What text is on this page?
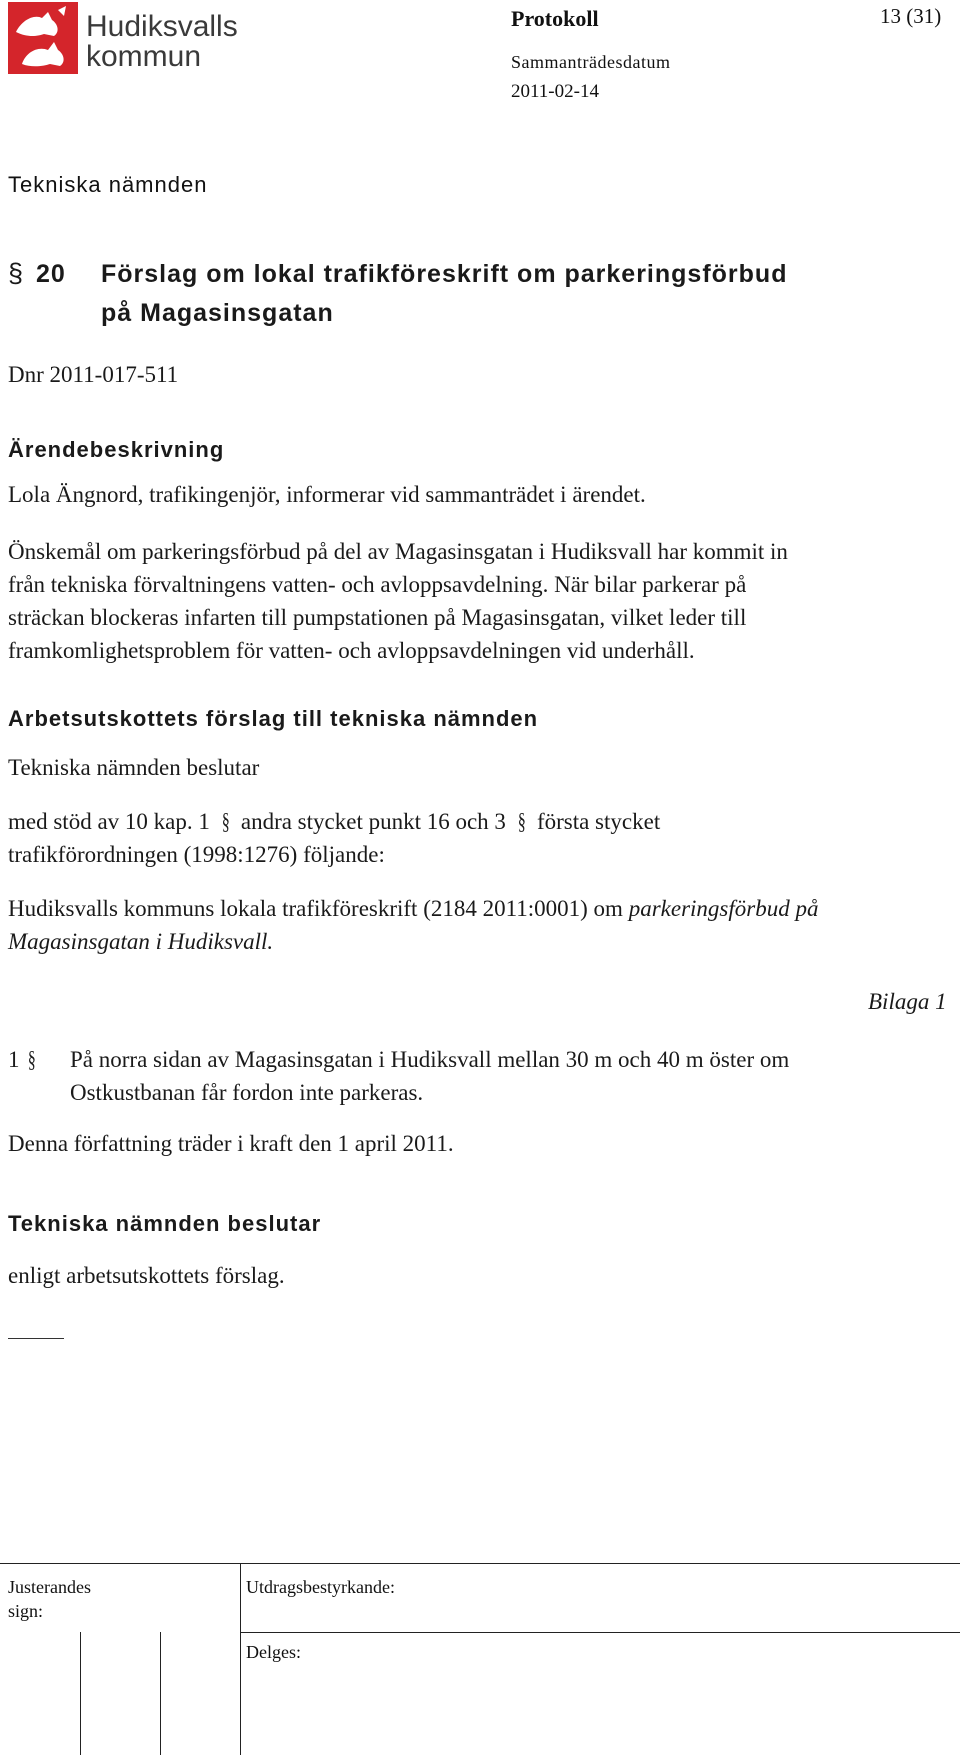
Hudiksvalls
kommun
Protokoll	13 (31)
Sammanträdesdatum
2011-02-14
Tekniska nämnden
§ 20 Förslag om lokal trafikföreskrift om parkeringsförbud
på Magasinsgatan
Dnr 2011-017-511
Ärendebeskrivning
Lola Ängnord, trafikingenjör, informerar vid sammanträdet i ärendet.
Önskemål om parkeringsförbud på del av Magasinsgatan i Hudiksvall har kommit in
från tekniska förvaltningens vatten- och avloppsavdelning. När bilar parkerar på
sträckan blockeras infarten till pumpstationen på Magasinsgatan, vilket leder till
framkomlighetsproblem för vatten- och avloppsavdelningen vid underhåll.
Arbetsutskottets förslag till tekniska nämnden
Tekniska nämnden beslutar
med stöd av 10 kap. 1 § andra stycket punkt 16 och 3 § första stycket
trafikförordningen (1998:1276) följande:
Hudiksvalls kommuns lokala trafikföreskrift (2184 2011:0001) om parkeringsförbud på
Magasinsgatan i Hudiksvall.
Bilaga 1
1 § På norra sidan av Magasinsgatan i Hudiksvall mellan 30 m och 40 m öster om
Ostkustbanan får fordon inte parkeras.
Denna författning träder i kraft den 1 april 2011.
Tekniska nämnden beslutar
enligt arbetsutskottets förslag.
Justerandes
sign:
Utdragsbestyrkande:
Delges:
